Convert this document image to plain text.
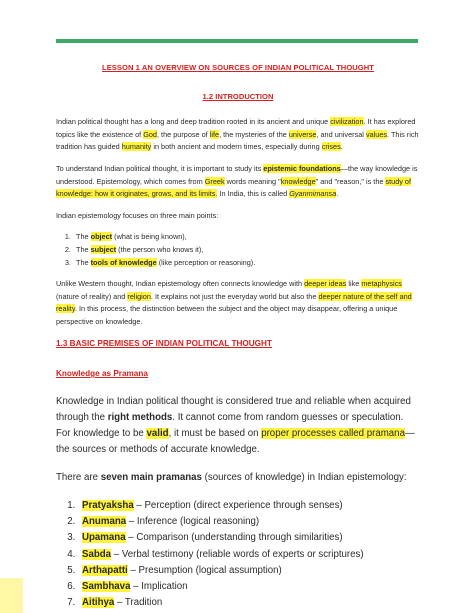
LESSON 1 AN OVERVIEW ON SOURCES OF INDIAN POLITICAL THOUGHT
1.2 INTRODUCTION

Indian political thought has a long and deep tradition rooted in its ancient and unique civilization. It has explored topics like the existence of God, the purpose of life, the mysteries of the universe, and universal values. This rich tradition has guided humanity in both ancient and modern times, especially during crises.

To understand Indian political thought, it is important to study its epistemic foundations—the way knowledge is understood. Epistemology, which comes from Greek words meaning "knowledge" and "reason," is the study of knowledge: how it originates, grows, and its limits. In India, this is called Gyanmimansa.

Indian epistemology focuses on three main points:

1. The object (what is being known),
2. The subject (the person who knows it),
3. The tools of knowledge (like perception or reasoning).

Unlike Western thought, Indian epistemology often connects knowledge with deeper ideas like metaphysics (nature of reality) and religion. It explains not just the everyday world but also the deeper nature of the self and reality. In this process, the distinction between the subject and the object may disappear, offering a unique perspective on knowledge.

1.3 BASIC PREMISES OF INDIAN POLITICAL THOUGHT
Knowledge as Pramana

Knowledge in Indian political thought is considered true and reliable when acquired through the right methods. It cannot come from random guesses or speculation. For knowledge to be valid, it must be based on proper processes called pramana—the sources or methods of accurate knowledge.

There are seven main pramanas (sources of knowledge) in Indian epistemology:

1. Pratyaksha – Perception (direct experience through senses)
2. Anumana – Inference (logical reasoning)
3. Upamana – Comparison (understanding through similarities)
4. Sabda – Verbal testimony (reliable words of experts or scriptures)
5. Arthapatti – Presumption (logical assumption)
6. Sambhava – Implication
7. Aitihya – Tradition
